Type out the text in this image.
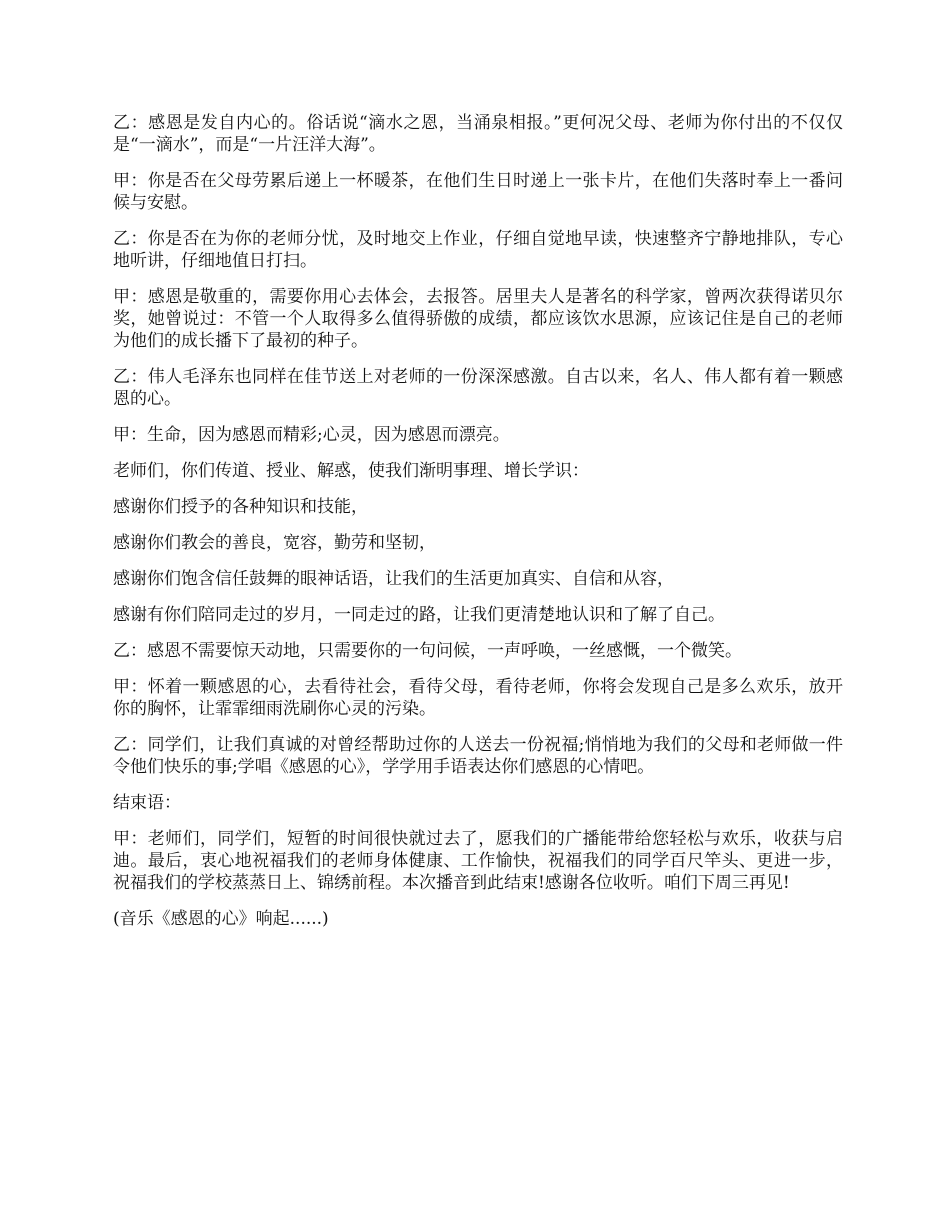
乙：感恩是发自内心的。俗话说“滴水之恩，当涌泉相报。”更何况父母、老师为你付出的不仅仅是“一滴水”，而是“一片汪洋大海”。

甲：你是否在父母劳累后递上一杯暖茶，在他们生日时递上一张卡片，在他们失落时奉上一番问候与安慰。

乙：你是否在为你的老师分忧，及时地交上作业，仔细自觉地早读，快速整齐宁静地排队，专心地听讲，仔细地值日打扫。

甲：感恩是敬重的，需要你用心去体会，去报答。居里夫人是著名的科学家，曾两次获得诺贝尔奖，她曾说过：不管一个人取得多么值得骄傲的成绩，都应该饮水思源，应该记住是自己的老师为他们的成长播下了最初的种子。

乙：伟人毛泽东也同样在佳节送上对老师的一份深深感激。自古以来，名人、伟人都有着一颗感恩的心。

甲：生命，因为感恩而精彩;心灵，因为感恩而漂亮。

老师们，你们传道、授业、解惑，使我们渐明事理、增长学识：

感谢你们授予的各种知识和技能，

感谢你们教会的善良，宽容，勤劳和坚韧，

感谢你们饱含信任鼓舞的眼神话语，让我们的生活更加真实、自信和从容，

感谢有你们陪同走过的岁月，一同走过的路，让我们更清楚地认识和了解了自己。

乙：感恩不需要惊天动地，只需要你的一句问候，一声呼唤，一丝感慨，一个微笑。

甲：怀着一颗感恩的心，去看待社会，看待父母，看待老师，你将会发现自己是多么欢乐，放开你的胸怀，让霏霏细雨洗刷你心灵的污染。

乙：同学们，让我们真诚的对曾经帮助过你的人送去一份祝福;悄悄地为我们的父母和老师做一件令他们快乐的事;学唱《感恩的心》，学学用手语表达你们感恩的心情吧。

结束语：

甲：老师们，同学们，短暂的时间很快就过去了，愿我们的广播能带给您轻松与欢乐，收获与启迪。最后，衷心地祝福我们的老师身体健康、工作愉快，祝福我们的同学百尺竿头、更进一步，祝福我们的学校蒸蒸日上、锦绣前程。本次播音到此结束!感谢各位收听。咱们下周三再见!

(音乐《感恩的心》响起......)
